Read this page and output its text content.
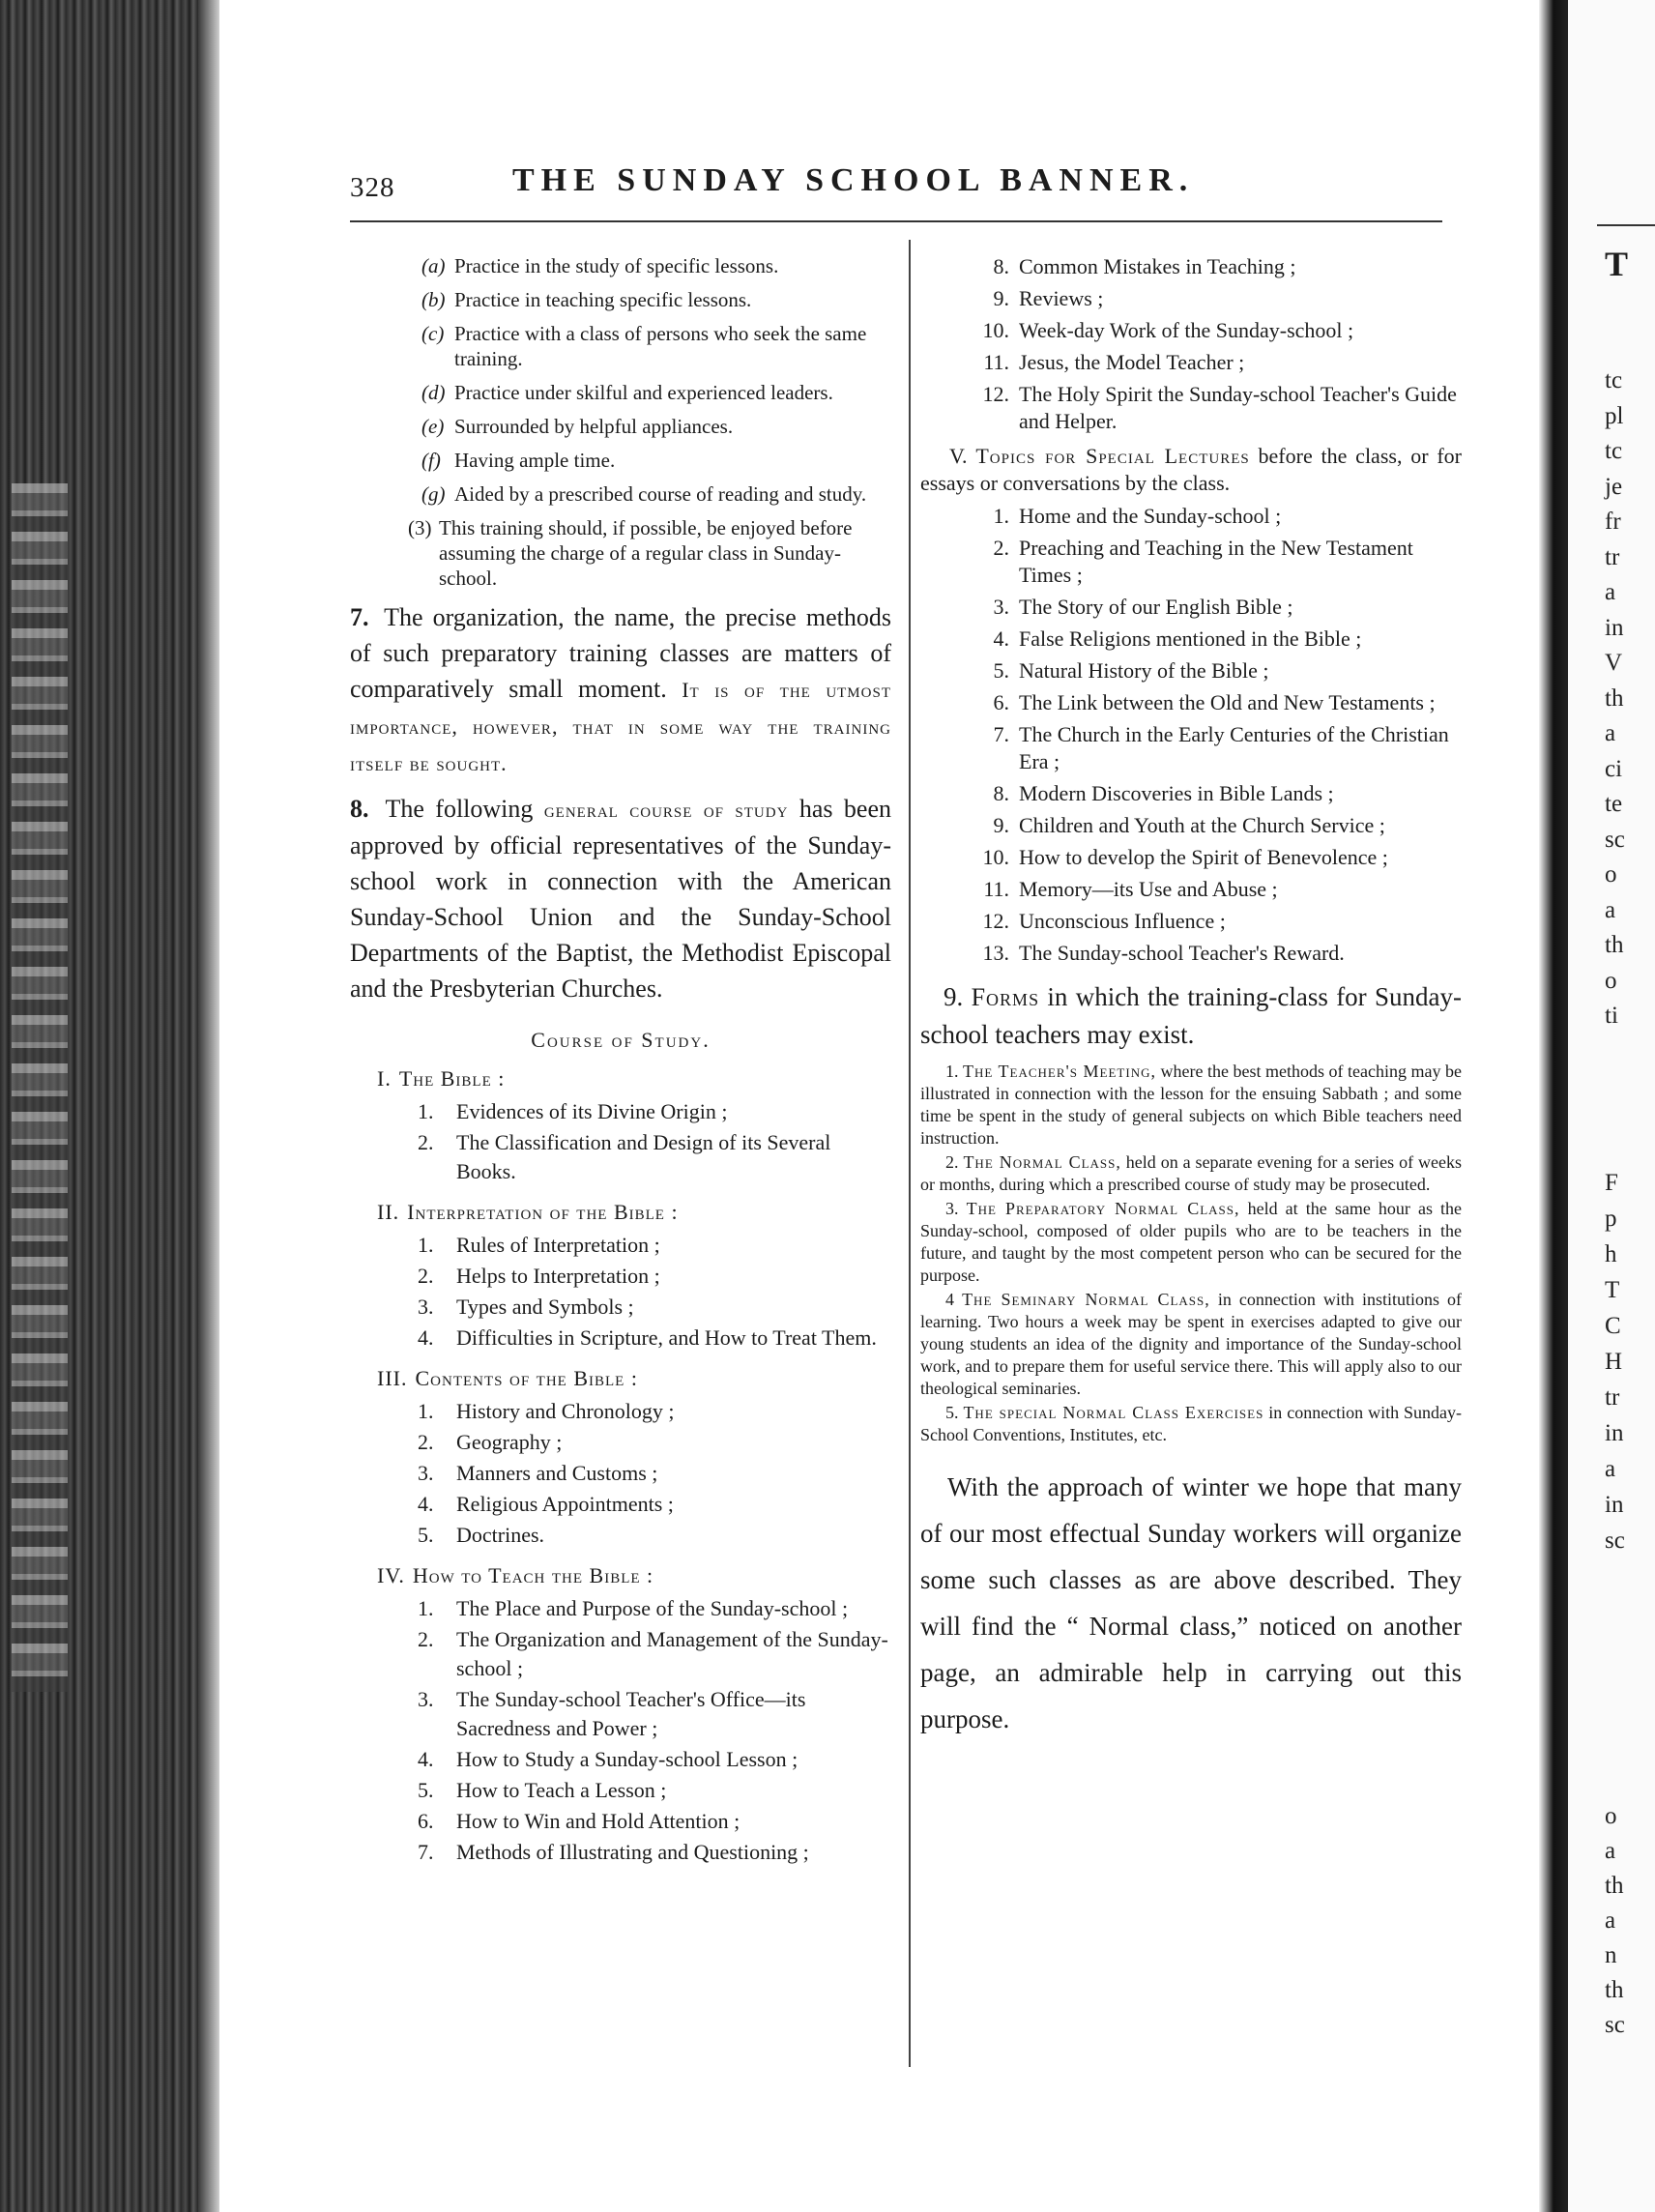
328	THE SUNDAY SCHOOL BANNER.
(a) Practice in the study of specific lessons.
(b) Practice in teaching specific lessons.
(c) Practice with a class of persons who seek the same training.
(d) Practice under skilful and experienced leaders.
(e) Surrounded by helpful appliances.
(f) Having ample time.
(g) Aided by a prescribed course of reading and study.
(3) This training should, if possible, be enjoyed before assuming the charge of a regular class in Sunday-school.

7. The organization, the name, the precise methods of such preparatory training classes are matters of comparatively small moment. It is of the utmost importance, however, that in some way the training itself be sought.

8. The following general course of study has been approved by official representatives of the Sunday-school work in connection with the American Sunday-School Union and the Sunday-School Departments of the Baptist, the Methodist Episcopal and the Presbyterian Churches.

Course of Study.
I. The Bible :
1. Evidences of its Divine Origin ;
2. The Classification and Design of its Several Books.
II. Interpretation of the Bible :
1. Rules of Interpretation ;
2. Helps to Interpretation ;
3. Types and Symbols ;
4. Difficulties in Scripture, and How to Treat Them.
III. Contents of the Bible :
1. History and Chronology ;
2. Geography ;
3. Manners and Customs ;
4. Religious Appointments ;
5. Doctrines.
IV. How to Teach the Bible :
1. The Place and Purpose of the Sunday-school ;
2. The Organization and Management of the Sunday-school ;
3. The Sunday-school Teacher's Office—its Sacredness and Power ;
4. How to Study a Sunday-school Lesson ;
5. How to Teach a Lesson ;
6. How to Win and Hold Attention ;
7. Methods of Illustrating and Questioning ;
8. Common Mistakes in Teaching ;
9. Reviews ;
10. Week-day Work of the Sunday-school ;
11. Jesus, the Model Teacher ;
12. The Holy Spirit the Sunday-school Teacher's Guide and Helper.

V. Topics for Special Lectures before the class, or for essays or conversations by the class.

1. Home and the Sunday-school ;
2. Preaching and Teaching in the New Testament Times ;
3. The Story of our English Bible ;
4. False Religions mentioned in the Bible ;
5. Natural History of the Bible ;
6. The Link between the Old and New Testaments ;
7. The Church in the Early Centuries of the Christian Era ;
8. Modern Discoveries in Bible Lands ;
9. Children and Youth at the Church Service ;
10. How to develop the Spirit of Benevolence ;
11. Memory—its Use and Abuse ;
12. Unconscious Influence ;
13. The Sunday-school Teacher's Reward.

9. Forms in which the training-class for Sunday-school teachers may exist.

1. The Teacher's Meeting, where the best methods of teaching may be illustrated in connection with the lesson for the ensuing Sabbath ; and some time be spent in the study of general subjects on which Bible teachers need instruction.

2. The Normal Class, held on a separate evening for a series of weeks or months, during which a prescribed course of study may be prosecuted.

3. The Preparatory Normal Class, held at the same hour as the Sunday-school, composed of older pupils who are to be teachers in the future, and taught by the most competent person who can be secured for the purpose.

4 The Seminary Normal Class, in connection with institutions of learning. Two hours a week may be spent in exercises adapted to give our young students an idea of the dignity and importance of the Sunday-school work, and to prepare them for useful service there. This will apply also to our theological seminaries.

5. The special Normal Class Exercises in connection with Sunday-School Conventions, Institutes, etc.

With the approach of winter we hope that many of our most effectual Sunday workers will organize some such classes as are above described. They will find the “ Normal class,” noticed on another page, an admirable help in carrying out this purpose.

T
tc
pl
tc
je
fr
tr
a
in
V
th
a
ci
te
sc
o
a
th
o
ti
F
p
h
T
C
H
tr
in
a
in
sc
o
a
th
a
n
th
sc
